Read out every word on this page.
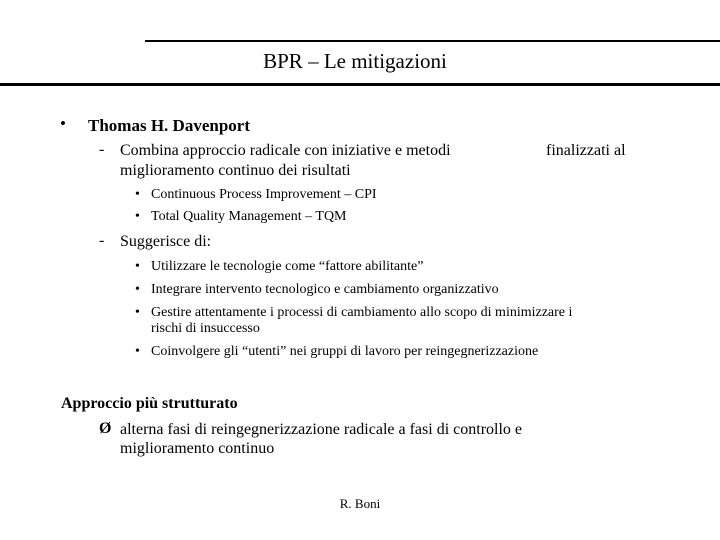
BPR – Le mitigazioni
• Thomas H. Davenport
- Combina approccio radicale con iniziative e metodi	finalizzati al
miglioramento continuo dei risultati
• Continuous Process Improvement – CPI
• Total Quality Management – TQM
- Suggerisce di:
• Utilizzare le tecnologie come “fattore abilitante”
• Integrare intervento tecnologico e cambiamento organizzativo
• Gestire attentamente i processi di cambiamento allo scopo di minimizzare i
rischi di insuccesso
• Coinvolgere gli “utenti” nei gruppi di lavoro per reingegnerizzazione
Approccio più strutturato
Ø alterna fasi di reingegnerizzazione radicale a fasi di controllo e
miglioramento continuo
R. Boni
